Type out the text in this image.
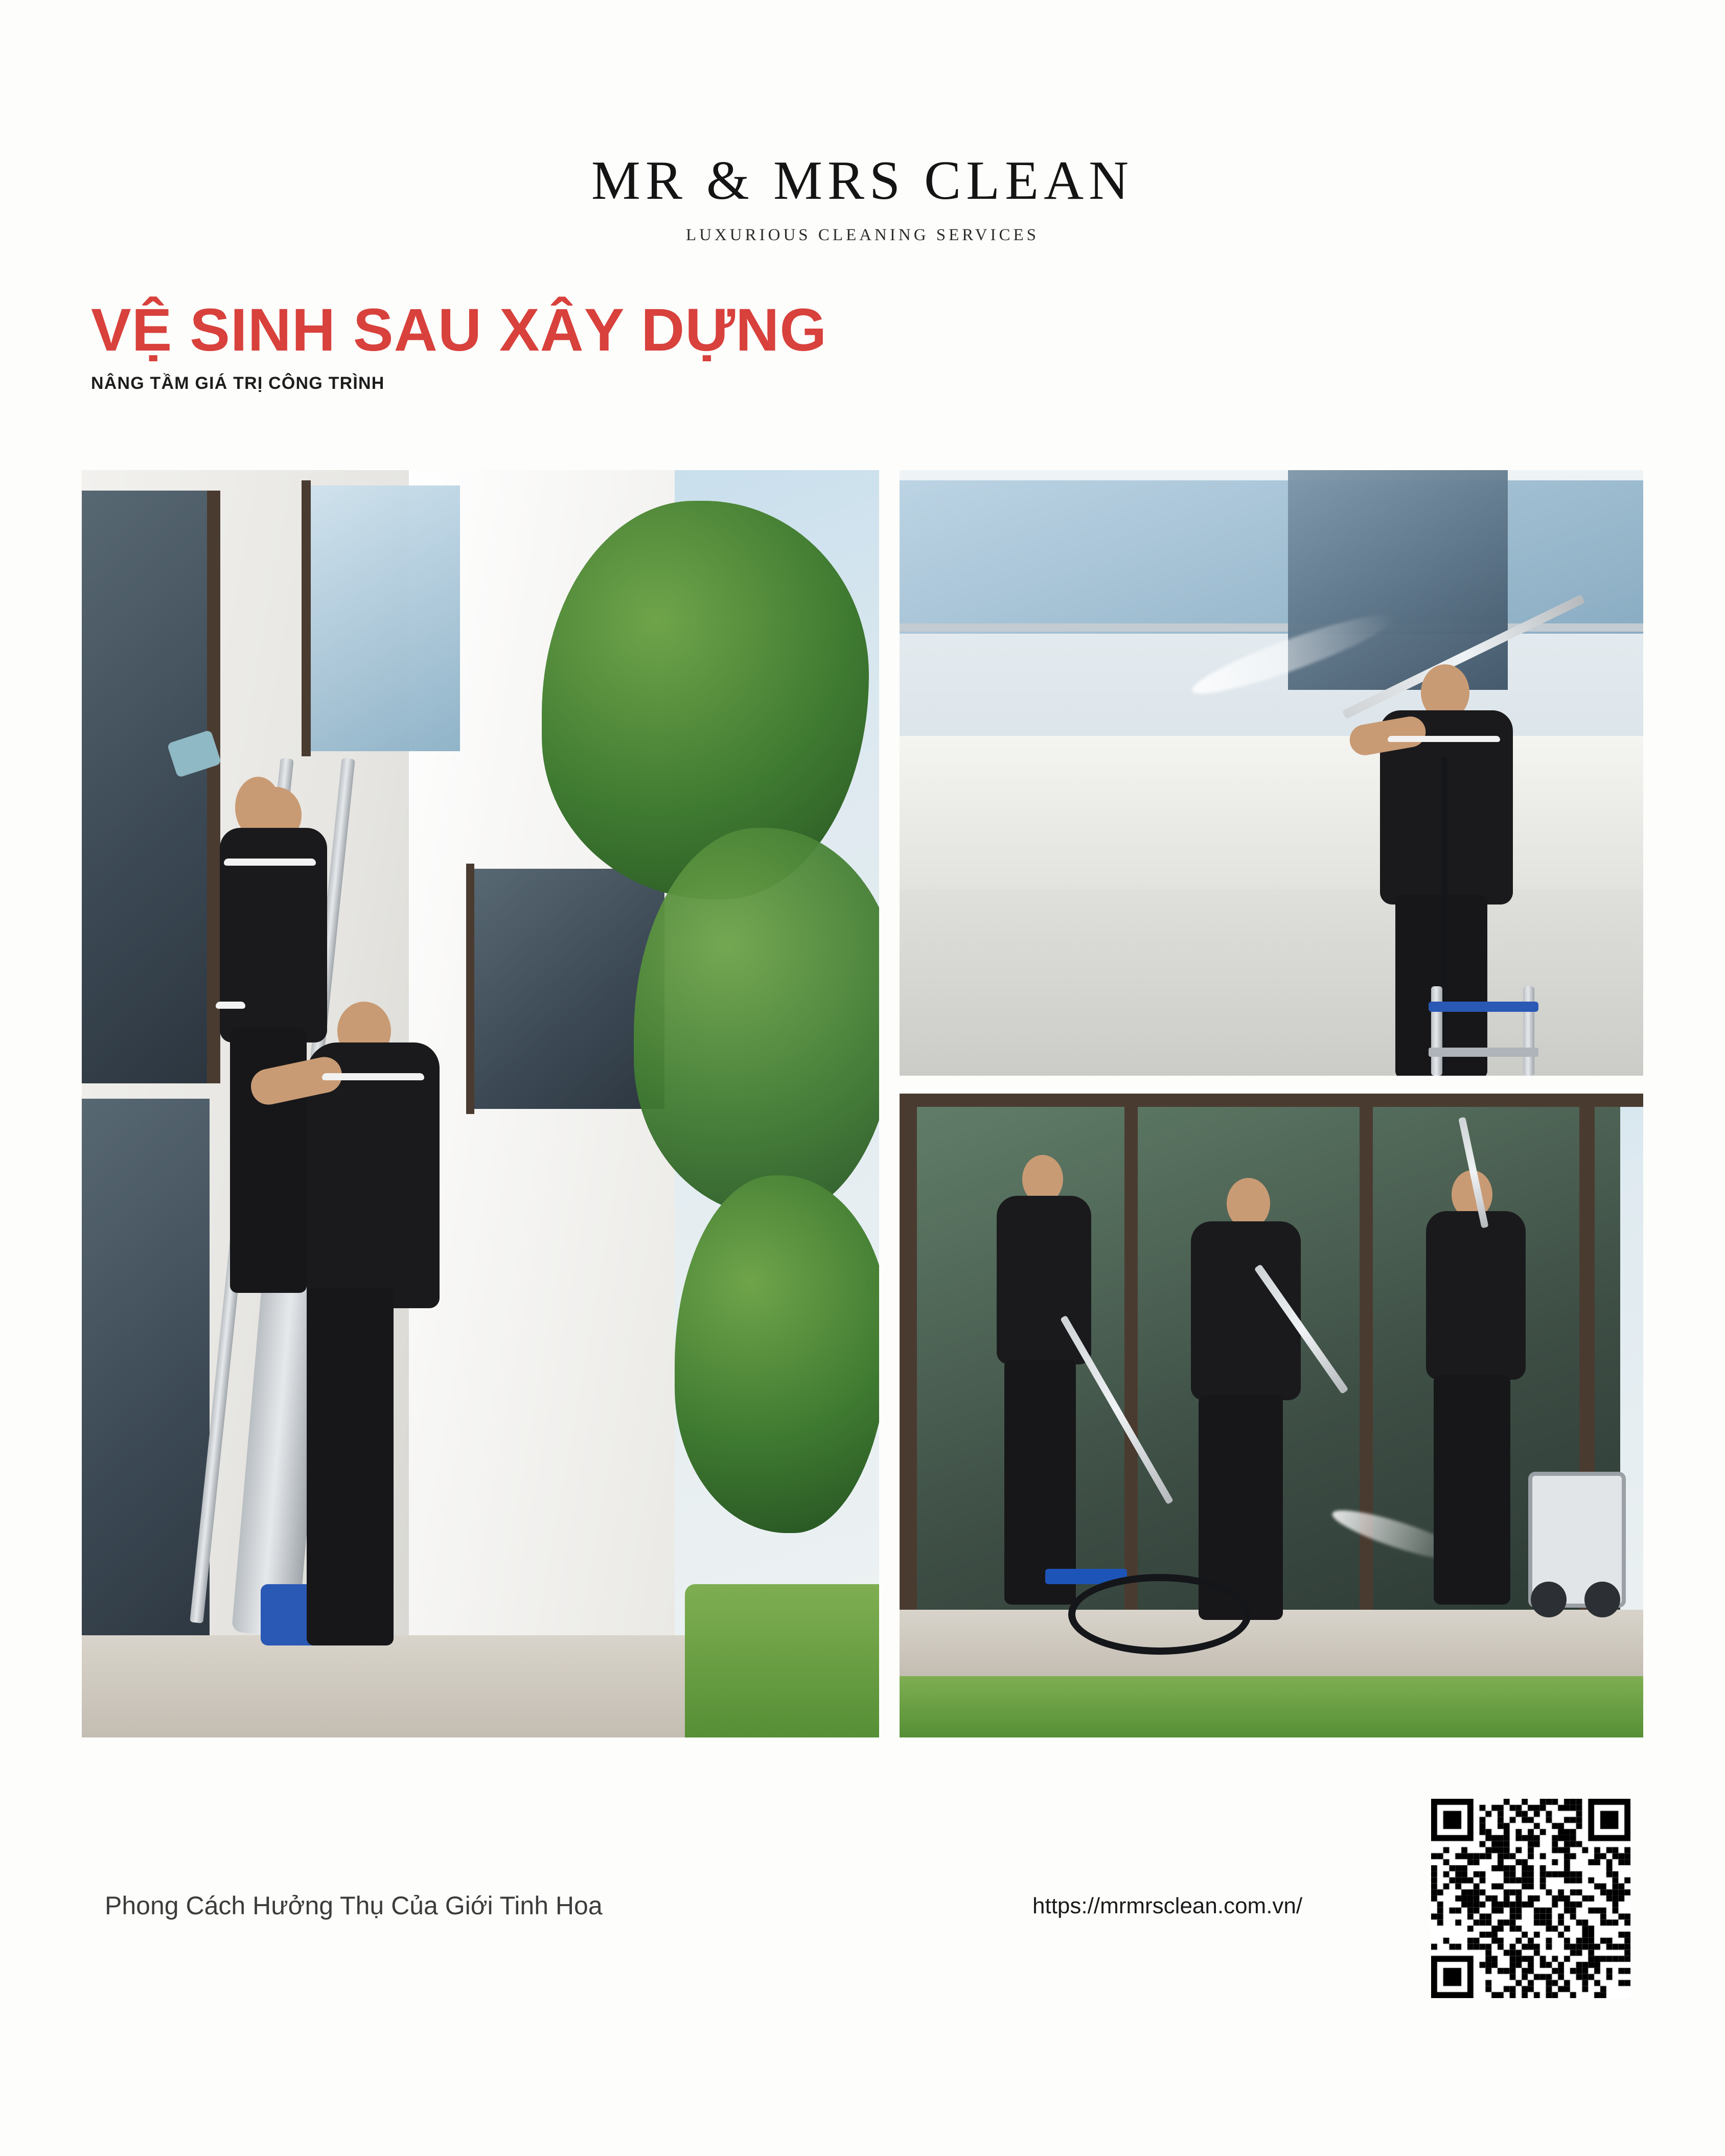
MR & MRS CLEAN
LUXURIOUS CLEANING SERVICES
VỆ SINH SAU XÂY DỰNG
NÂNG TẦM GIÁ TRỊ CÔNG TRÌNH
Phong Cách Hưởng Thụ Của Giới Tinh Hoa	https://mrmrsclean.com.vn/
